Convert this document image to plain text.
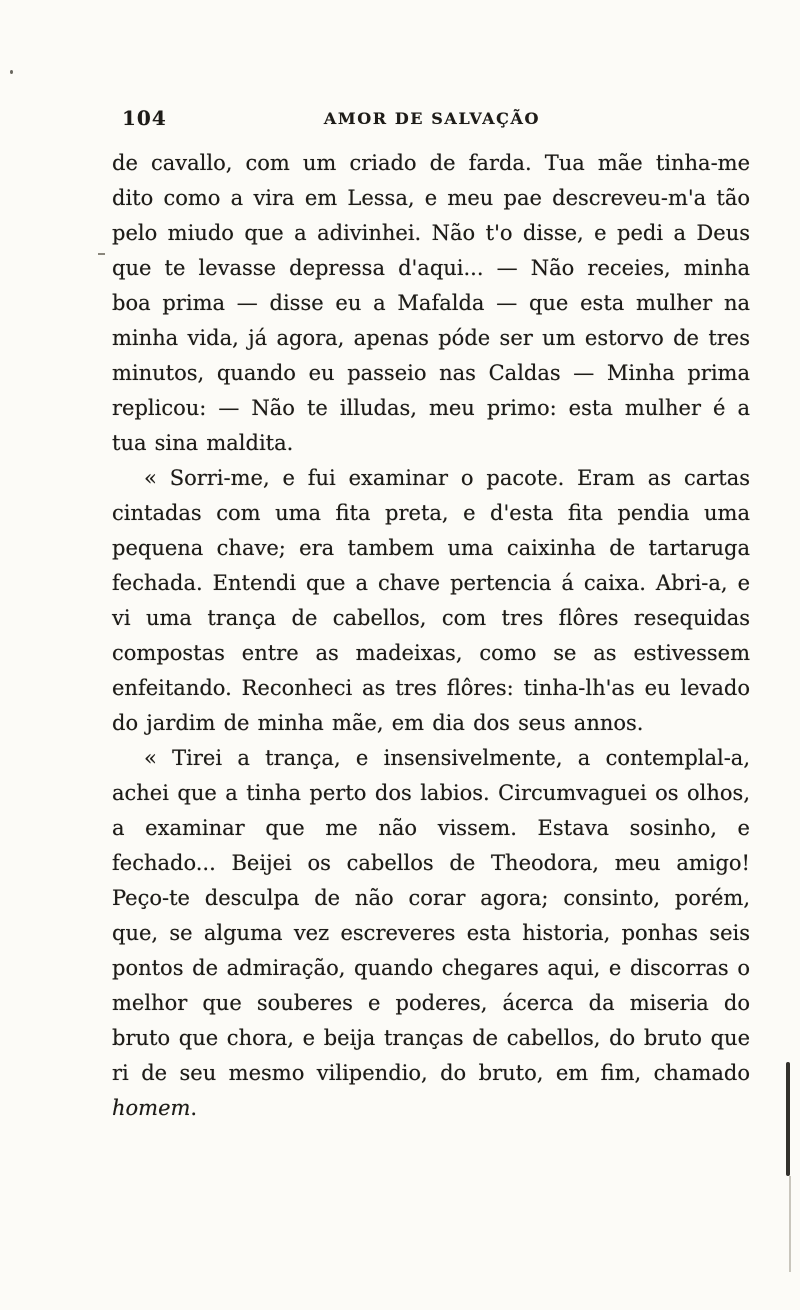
104	AMOR DE SALVAÇÃO

de cavallo, com um criado de farda. Tua mãe tinha-me dito como a vira em Lessa, e meu pae descreveu-m'a tão pelo miudo que a adivinhei. Não t'o disse, e pedi a Deus que te levasse depressa d'aqui... — Não receies, minha boa prima — disse eu a Mafalda — que esta mulher na minha vida, já agora, apenas póde ser um estorvo de tres minutos, quando eu passeio nas Caldas — Minha prima replicou: — Não te illudas, meu primo: esta mulher é a tua sina maldita.

« Sorri-me, e fui examinar o pacote. Eram as cartas cintadas com uma fita preta, e d'esta fita pendia uma pequena chave; era tambem uma caixinha de tartaruga fechada. Entendi que a chave pertencia á caixa. Abri-a, e vi uma trança de cabellos, com tres flôres resequidas compostas entre as madeixas, como se as estivessem enfeitando. Reconheci as tres flôres: tinha-lh'as eu levado do jardim de minha mãe, em dia dos seus annos.

« Tirei a trança, e insensivelmente, a contemplal-a, achei que a tinha perto dos labios. Circumvaguei os olhos, a examinar que me não vissem. Estava sosinho, e fechado... Beijei os cabellos de Theodora, meu amigo! Peço-te desculpa de não corar agora; consinto, porém, que, se alguma vez escreveres esta historia, ponhas seis pontos de admiração, quando chegares aqui, e discorras o melhor que souberes e poderes, ácerca da miseria do bruto que chora, e beija tranças de cabellos, do bruto que ri de seu mesmo vilipendio, do bruto, em fim, chamado homem.
